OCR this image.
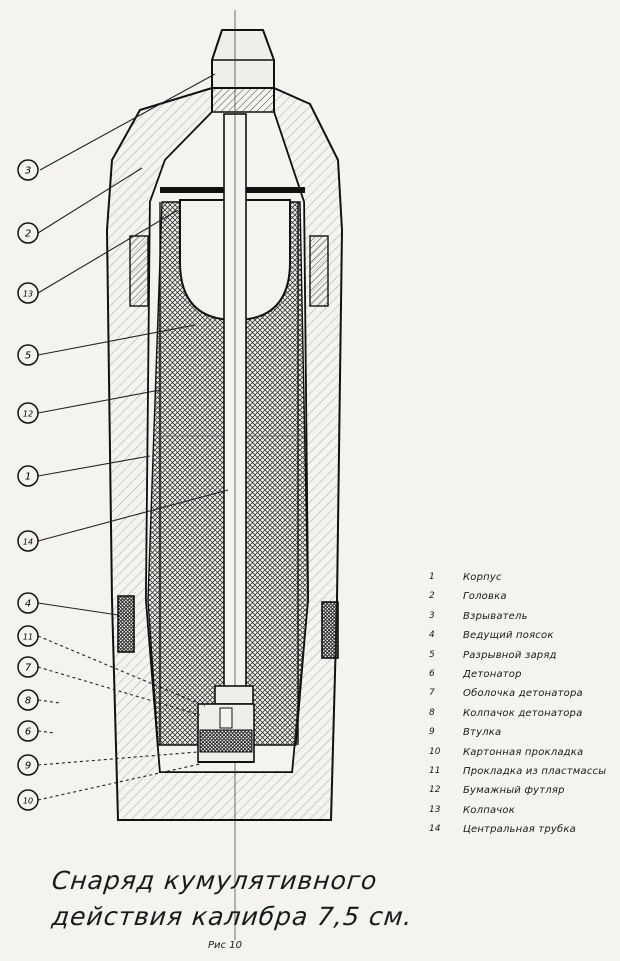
3
2
13
5
12
1
14
4
11
7
8
6
9
10
1	Корпус
2	Головка
3	Взрыватель
4	Ведущий поясок
5	Разрывной заряд
6	Детонатор
7	Оболочка детонатора
8	Колпачок детонатора
9	Втулка
10 Картонная прокладка
11 Прокладка из пластмассы
12 Бумажный футляр
13 Колпачок
14 Центральная трубка
Снаряд кумулятивного
действия калибра 7,5 см.
Рис 10
